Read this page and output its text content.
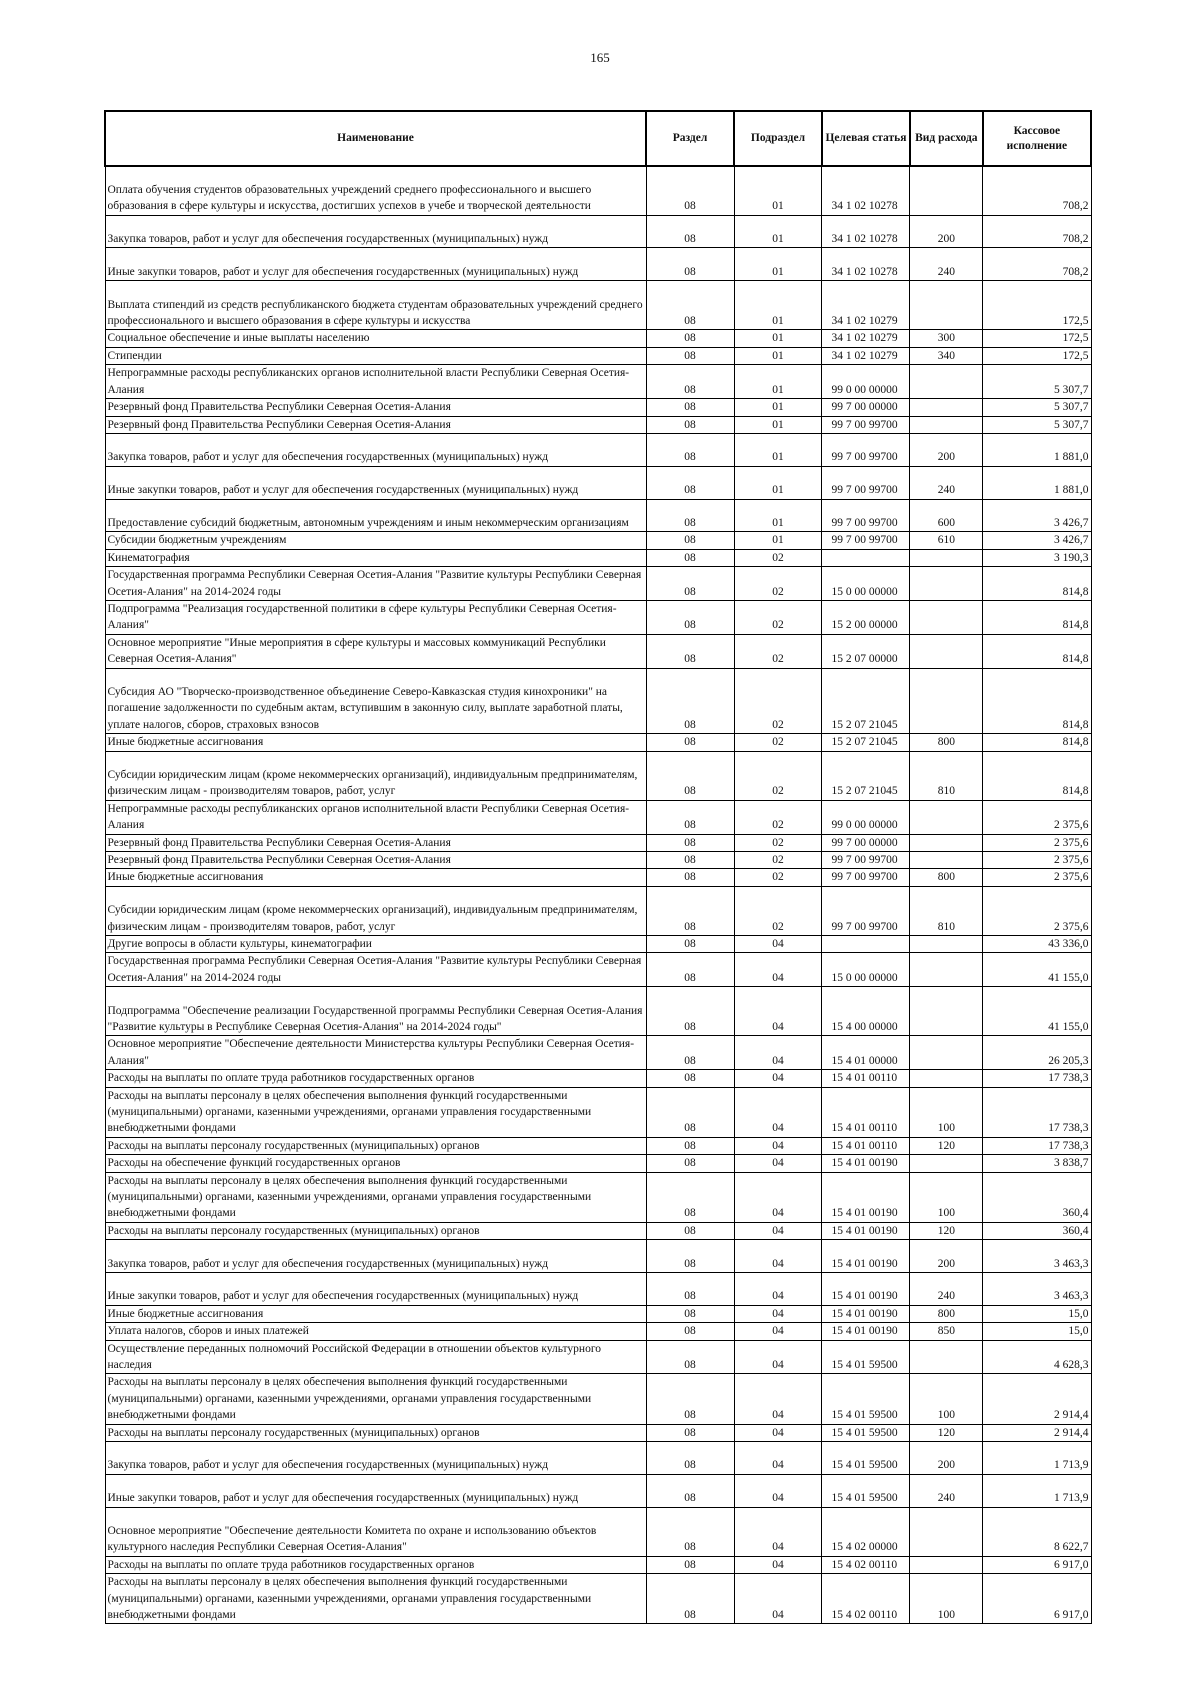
165
Наименование	Раздел	Подраздел	Целевая статья	Вид расхода	Кассовое исполнение
Оплата обучения студентов образовательных учреждений среднего профессионального и высшего образования в сфере культуры и искусства, достигших успехов в учебе и творческой деятельности	08	01	34 1 02 10278		708,2
Закупка товаров, работ и услуг для обеспечения государственных (муниципальных) нужд	08	01	34 1 02 10278	200	708,2
Иные закупки товаров, работ и услуг для обеспечения государственных (муниципальных) нужд	08	01	34 1 02 10278	240	708,2
Выплата стипендий из средств республиканского бюджета студентам образовательных учреждений среднего профессионального и высшего образования в сфере культуры и искусства	08	01	34 1 02 10279		172,5
Социальное обеспечение и иные выплаты населению	08	01	34 1 02 10279	300	172,5
Стипендии	08	01	34 1 02 10279	340	172,5
Непрограммные расходы республиканских органов исполнительной власти Республики Северная Осетия-Алания	08	01	99 0 00 00000		5 307,7
Резервный фонд Правительства Республики Северная Осетия-Алания	08	01	99 7 00 00000		5 307,7
Резервный фонд Правительства Республики Северная Осетия-Алания	08	01	99 7 00 99700		5 307,7
Закупка товаров, работ и услуг для обеспечения государственных (муниципальных) нужд	08	01	99 7 00 99700	200	1 881,0
Иные закупки товаров, работ и услуг для обеспечения государственных (муниципальных) нужд	08	01	99 7 00 99700	240	1 881,0
Предоставление субсидий бюджетным, автономным учреждениям и иным некоммерческим организациям	08	01	99 7 00 99700	600	3 426,7
Субсидии бюджетным учреждениям	08	01	99 7 00 99700	610	3 426,7
Кинематография	08	02			3 190,3
Государственная программа Республики Северная Осетия-Алания "Развитие культуры Республики Северная Осетия-Алания" на 2014-2024 годы	08	02	15 0 00 00000		814,8
Подпрограмма "Реализация государственной политики в сфере культуры Республики Северная Осетия-Алания"	08	02	15 2 00 00000		814,8
Основное мероприятие "Иные мероприятия в сфере культуры и массовых коммуникаций Республики Северная Осетия-Алания"	08	02	15 2 07 00000		814,8
Субсидия АО "Творческо-производственное объединение Северо-Кавказская студия кинохроники" на погашение задолженности по судебным актам, вступившим в законную силу, выплате заработной платы, уплате налогов, сборов, страховых взносов	08	02	15 2 07 21045		814,8
Иные бюджетные ассигнования	08	02	15 2 07 21045	800	814,8
Субсидии юридическим лицам (кроме некоммерческих организаций), индивидуальным предпринимателям, физическим лицам - производителям товаров, работ, услуг	08	02	15 2 07 21045	810	814,8
Непрограммные расходы республиканских органов исполнительной власти Республики Северная Осетия-Алания	08	02	99 0 00 00000		2 375,6
Резервный фонд Правительства Республики Северная Осетия-Алания	08	02	99 7 00 00000		2 375,6
Резервный фонд Правительства Республики Северная Осетия-Алания	08	02	99 7 00 99700		2 375,6
Иные бюджетные ассигнования	08	02	99 7 00 99700	800	2 375,6
Субсидии юридическим лицам (кроме некоммерческих организаций), индивидуальным предпринимателям, физическим лицам - производителям товаров, работ, услуг	08	02	99 7 00 99700	810	2 375,6
Другие вопросы в области культуры, кинематографии	08	04			43 336,0
Государственная программа Республики Северная Осетия-Алания "Развитие культуры Республики Северная Осетия-Алания" на 2014-2024 годы	08	04	15 0 00 00000		41 155,0
Подпрограмма "Обеспечение реализации Государственной программы Республики Северная Осетия-Алания "Развитие культуры в Республике Северная Осетия-Алания" на 2014-2024 годы"	08	04	15 4 00 00000		41 155,0
Основное мероприятие "Обеспечение деятельности Министерства культуры Республики Северная Осетия-Алания"	08	04	15 4 01 00000		26 205,3
Расходы на выплаты по оплате труда работников государственных органов	08	04	15 4 01 00110		17 738,3
Расходы на выплаты персоналу в целях обеспечения выполнения функций государственными (муниципальными) органами, казенными учреждениями, органами управления государственными внебюджетными фондами	08	04	15 4 01 00110	100	17 738,3
Расходы на выплаты персоналу государственных (муниципальных) органов	08	04	15 4 01 00110	120	17 738,3
Расходы на обеспечение функций государственных органов	08	04	15 4 01 00190		3 838,7
Расходы на выплаты персоналу в целях обеспечения выполнения функций государственными (муниципальными) органами, казенными учреждениями, органами управления государственными внебюджетными фондами	08	04	15 4 01 00190	100	360,4
Расходы на выплаты персоналу государственных (муниципальных) органов	08	04	15 4 01 00190	120	360,4
Закупка товаров, работ и услуг для обеспечения государственных (муниципальных) нужд	08	04	15 4 01 00190	200	3 463,3
Иные закупки товаров, работ и услуг для обеспечения государственных (муниципальных) нужд	08	04	15 4 01 00190	240	3 463,3
Иные бюджетные ассигнования	08	04	15 4 01 00190	800	15,0
Уплата налогов, сборов и иных платежей	08	04	15 4 01 00190	850	15,0
Осуществление переданных полномочий Российской Федерации в отношении объектов культурного наследия	08	04	15 4 01 59500		4 628,3
Расходы на выплаты персоналу в целях обеспечения выполнения функций государственными (муниципальными) органами, казенными учреждениями, органами управления государственными внебюджетными фондами	08	04	15 4 01 59500	100	2 914,4
Расходы на выплаты персоналу государственных (муниципальных) органов	08	04	15 4 01 59500	120	2 914,4
Закупка товаров, работ и услуг для обеспечения государственных (муниципальных) нужд	08	04	15 4 01 59500	200	1 713,9
Иные закупки товаров, работ и услуг для обеспечения государственных (муниципальных) нужд	08	04	15 4 01 59500	240	1 713,9
Основное мероприятие "Обеспечение деятельности Комитета по охране и использованию объектов культурного наследия Республики Северная Осетия-Алания"	08	04	15 4 02 00000		8 622,7
Расходы на выплаты по оплате труда работников государственных органов	08	04	15 4 02 00110		6 917,0
Расходы на выплаты персоналу в целях обеспечения выполнения функций государственными (муниципальными) органами, казенными учреждениями, органами управления государственными внебюджетными фондами	08	04	15 4 02 00110	100	6 917,0
